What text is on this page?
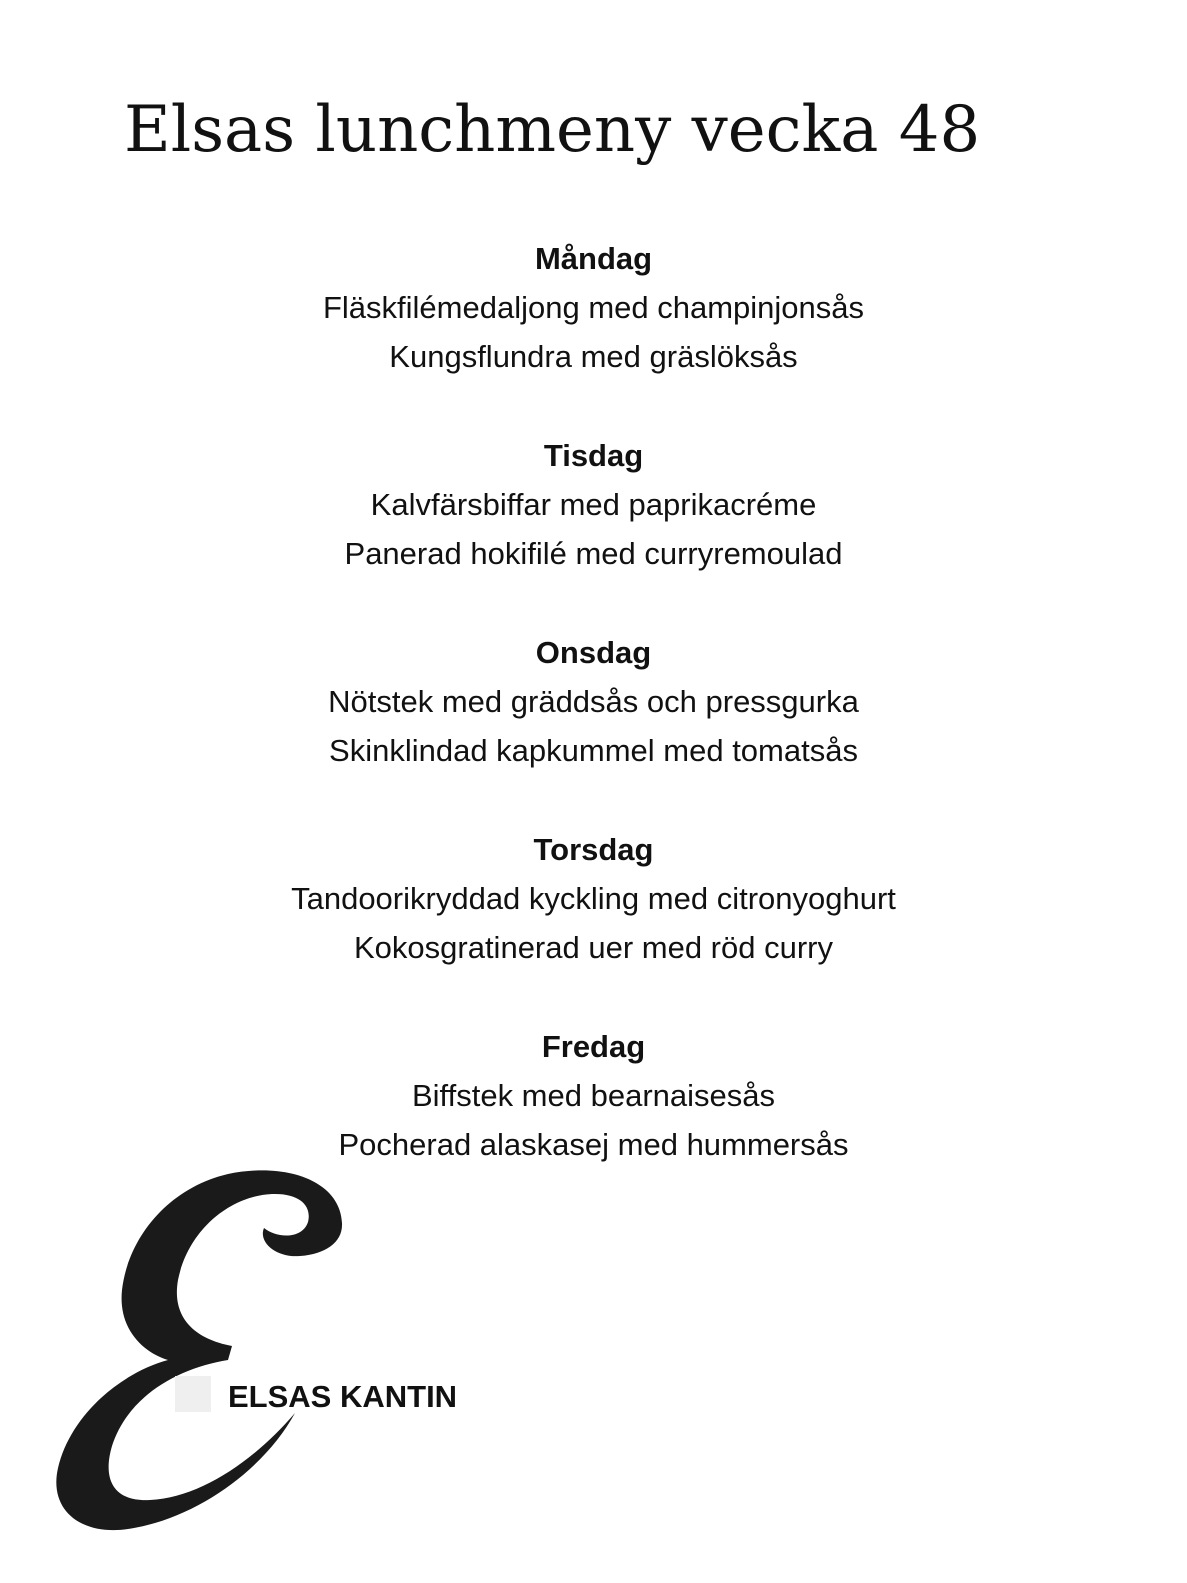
Elsas lunchmeny vecka 48

Måndag

Fläskfilémedaljong med champinjonsås

Kungsflundra med gräslöksås

Tisdag

Kalvfärsbiffar med paprikacréme

Panerad hokifilé med curryremoulad

Onsdag

Nötstek med gräddsås och pressgurka

Skinklindad kapkummel med tomatsås

Torsdag

Tandoorikryddad kyckling med citronyoghurt

Kokosgratinerad uer med röd curry

Fredag

Biffstek med bearnaisesås

Pocherad alaskasej med hummersås

ELSAS KANTIN
